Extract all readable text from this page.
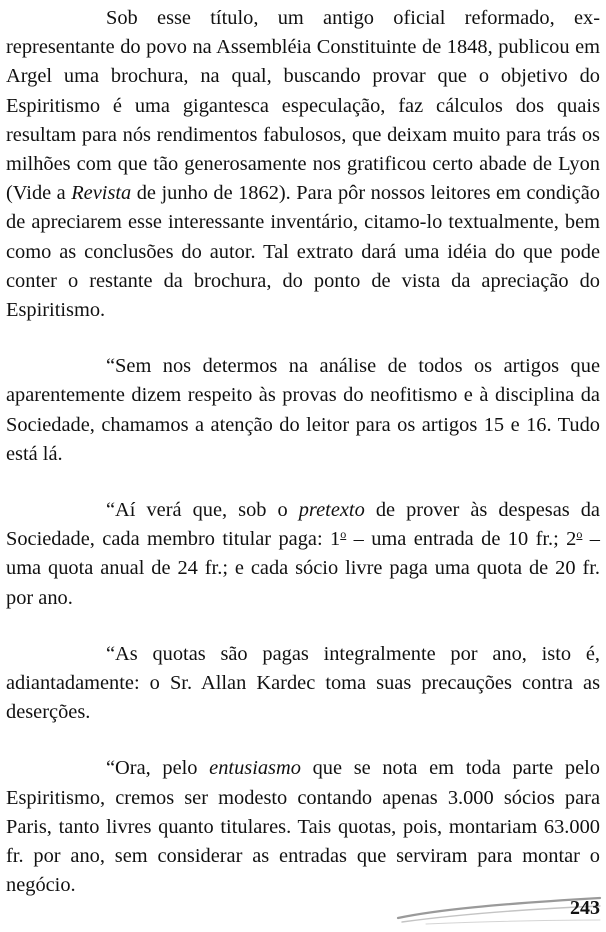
Sob esse título, um antigo oficial reformado, ex-representante do povo na Assembléia Constituinte de 1848, publicou em Argel uma brochura, na qual, buscando provar que o objetivo do Espiritismo é uma gigantesca especulação, faz cálculos dos quais resultam para nós rendimentos fabulosos, que deixam muito para trás os milhões com que tão generosamente nos gratificou certo abade de Lyon (Vide a Revista de junho de 1862). Para pôr nossos leitores em condição de apreciarem esse interessante inventário, citamo-lo textualmente, bem como as conclusões do autor. Tal extrato dará uma idéia do que pode conter o restante da brochura, do ponto de vista da apreciação do Espiritismo.

“Sem nos determos na análise de todos os artigos que aparentemente dizem respeito às provas do neofitismo e à disciplina da Sociedade, chamamos a atenção do leitor para os artigos 15 e 16. Tudo está lá.

“Aí verá que, sob o pretexto de prover às despesas da Sociedade, cada membro titular paga: 1$^o$ – uma entrada de 10 fr.; 2$^o$ – uma quota anual de 24 fr.; e cada sócio livre paga uma quota de 20 fr. por ano.

“As quotas são pagas integralmente por ano, isto é, adiantadamente: o Sr. Allan Kardec toma suas precauções contra as deserções.

“Ora, pelo entusiasmo que se nota em toda parte pelo Espiritismo, cremos ser modesto contando apenas 3.000 sócios para Paris, tanto livres quanto titulares. Tais quotas, pois, montariam 63.000 fr. por ano, sem considerar as entradas que serviram para montar o negócio.

243
